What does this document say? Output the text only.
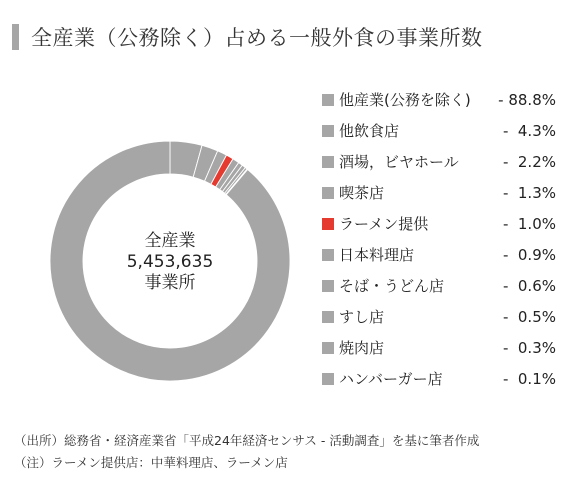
全産業（公務除く）占める一般外食の事業所数
全産業
5,453,635
事業所
他産業(公務を除く) - 88.8%
他飲食店	-  4.3%
酒場，ビヤホール	-  2.2%
喫茶店	-  1.3%
ラーメン提供	-  1.0%
日本料理店	-  0.9%
そば・うどん店	-  0.6%
すし店	-  0.5%
焼肉店	-  0.3%
ハンバーガー店	-  0.1%
（出所）総務省・経済産業省「平成24年経済センサス - 活動調査」を基に筆者作成
（注）ラーメン提供店：中華料理店、ラーメン店
